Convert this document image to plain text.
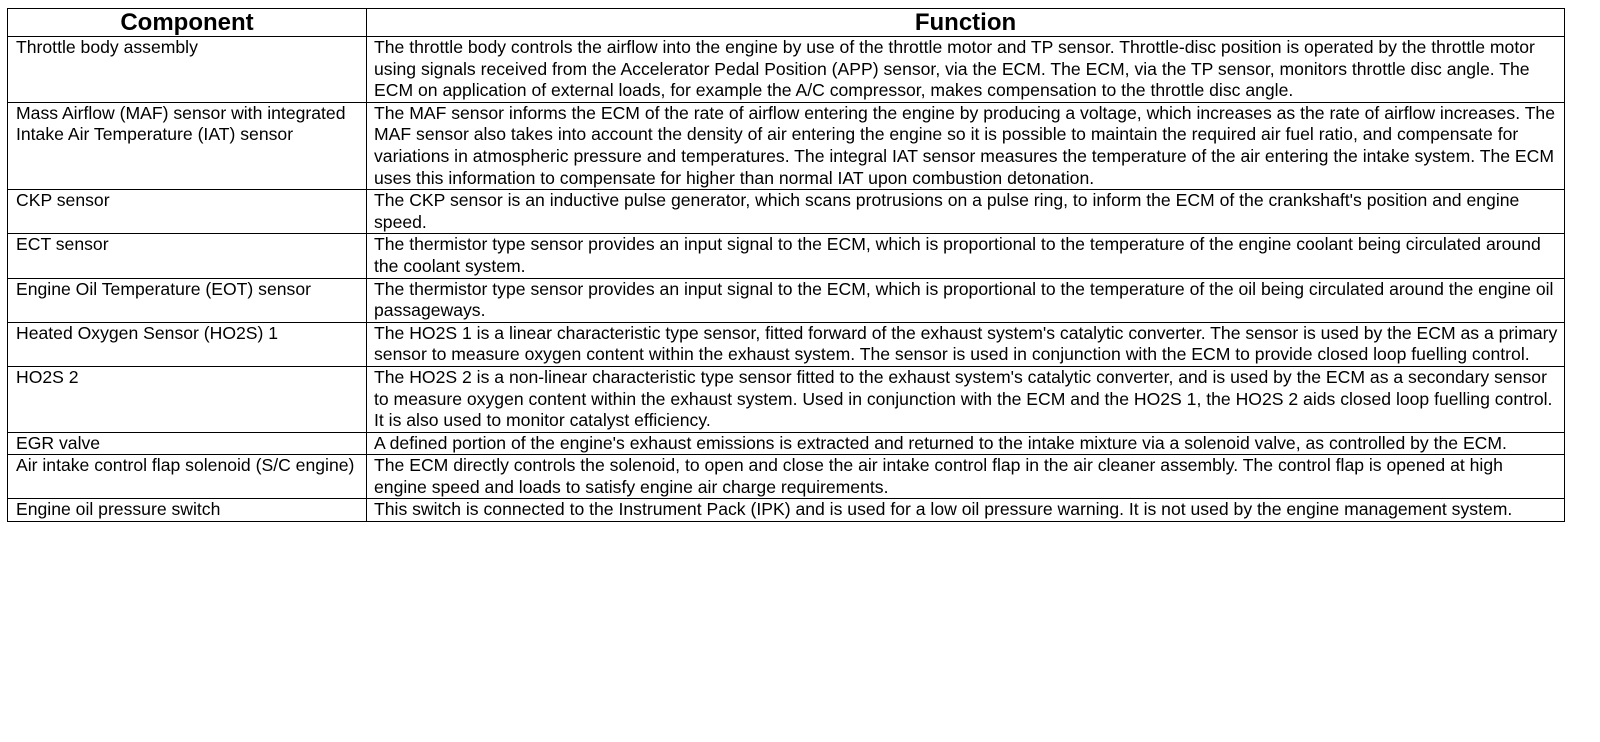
Component	Function
Throttle body assembly	The throttle body controls the airflow into the engine by use of the throttle motor and TP sensor. Throttle-disc position is operated by the throttle motor using signals received from the Accelerator Pedal Position (APP) sensor, via the ECM. The ECM, via the TP sensor, monitors throttle disc angle. The ECM on application of external loads, for example the A/C compressor, makes compensation to the throttle disc angle.
Mass Airflow (MAF) sensor with integrated Intake Air Temperature (IAT) sensor	The MAF sensor informs the ECM of the rate of airflow entering the engine by producing a voltage, which increases as the rate of airflow increases. The MAF sensor also takes into account the density of air entering the engine so it is possible to maintain the required air fuel ratio, and compensate for variations in atmospheric pressure and temperatures. The integral IAT sensor measures the temperature of the air entering the intake system. The ECM uses this information to compensate for higher than normal IAT upon combustion detonation.
CKP sensor	The CKP sensor is an inductive pulse generator, which scans protrusions on a pulse ring, to inform the ECM of the crankshaft's position and engine speed.
ECT sensor	The thermistor type sensor provides an input signal to the ECM, which is proportional to the temperature of the engine coolant being circulated around the coolant system.
Engine Oil Temperature (EOT) sensor	The thermistor type sensor provides an input signal to the ECM, which is proportional to the temperature of the oil being circulated around the engine oil passageways.
Heated Oxygen Sensor (HO2S) 1	The HO2S 1 is a linear characteristic type sensor, fitted forward of the exhaust system's catalytic converter. The sensor is used by the ECM as a primary sensor to measure oxygen content within the exhaust system. The sensor is used in conjunction with the ECM to provide closed loop fuelling control.
HO2S 2	The HO2S 2 is a non-linear characteristic type sensor fitted to the exhaust system's catalytic converter, and is used by the ECM as a secondary sensor to measure oxygen content within the exhaust system. Used in conjunction with the ECM and the HO2S 1, the HO2S 2 aids closed loop fuelling control. It is also used to monitor catalyst efficiency.
EGR valve	A defined portion of the engine's exhaust emissions is extracted and returned to the intake mixture via a solenoid valve, as controlled by the ECM.
Air intake control flap solenoid (S/C engine)	The ECM directly controls the solenoid, to open and close the air intake control flap in the air cleaner assembly. The control flap is opened at high engine speed and loads to satisfy engine air charge requirements.
Engine oil pressure switch	This switch is connected to the Instrument Pack (IPK) and is used for a low oil pressure warning. It is not used by the engine management system.
